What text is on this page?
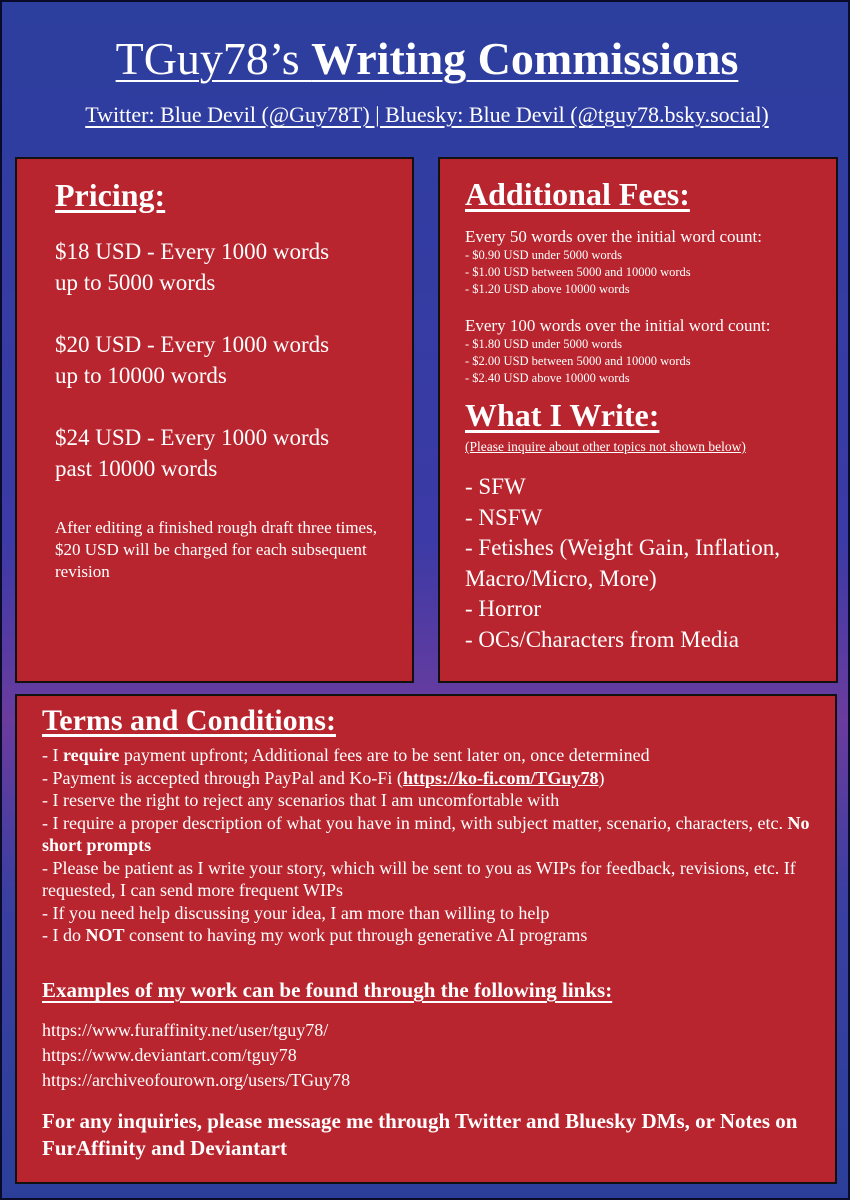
TGuy78’s Writing Commissions
Twitter: Blue Devil (@Guy78T) | Bluesky: Blue Devil (@tguy78.bsky.social)
Pricing:
$18 USD - Every 1000 words
up to 5000 words
$20 USD - Every 1000 words
up to 10000 words
$24 USD - Every 1000 words
past 10000 words
After editing a finished rough draft three times, $20 USD will be charged for each subsequent revision
Additional Fees:
Every 50 words over the initial word count:
- $0.90 USD under 5000 words
- $1.00 USD between 5000 and 10000 words
- $1.20 USD above 10000 words
Every 100 words over the initial word count:
- $1.80 USD under 5000 words
- $2.00 USD between 5000 and 10000 words
- $2.40 USD above 10000 words
What I Write:
(Please inquire about other topics not shown below)
- SFW
- NSFW
- Fetishes (Weight Gain, Inflation, Macro/Micro, More)
- Horror
- OCs/Characters from Media
Terms and Conditions:
- I require payment upfront; Additional fees are to be sent later on, once determined
- Payment is accepted through PayPal and Ko-Fi (https://ko-fi.com/TGuy78)
- I reserve the right to reject any scenarios that I am uncomfortable with
- I require a proper description of what you have in mind, with subject matter, scenario, characters, etc. No short prompts
- Please be patient as I write your story, which will be sent to you as WIPs for feedback, revisions, etc. If requested, I can send more frequent WIPs
- If you need help discussing your idea, I am more than willing to help
- I do NOT consent to having my work put through generative AI programs
Examples of my work can be found through the following links:
https://www.furaffinity.net/user/tguy78/
https://www.deviantart.com/tguy78
https://archiveofourown.org/users/TGuy78
For any inquiries, please message me through Twitter and Bluesky DMs, or Notes on FurAffinity and Deviantart
